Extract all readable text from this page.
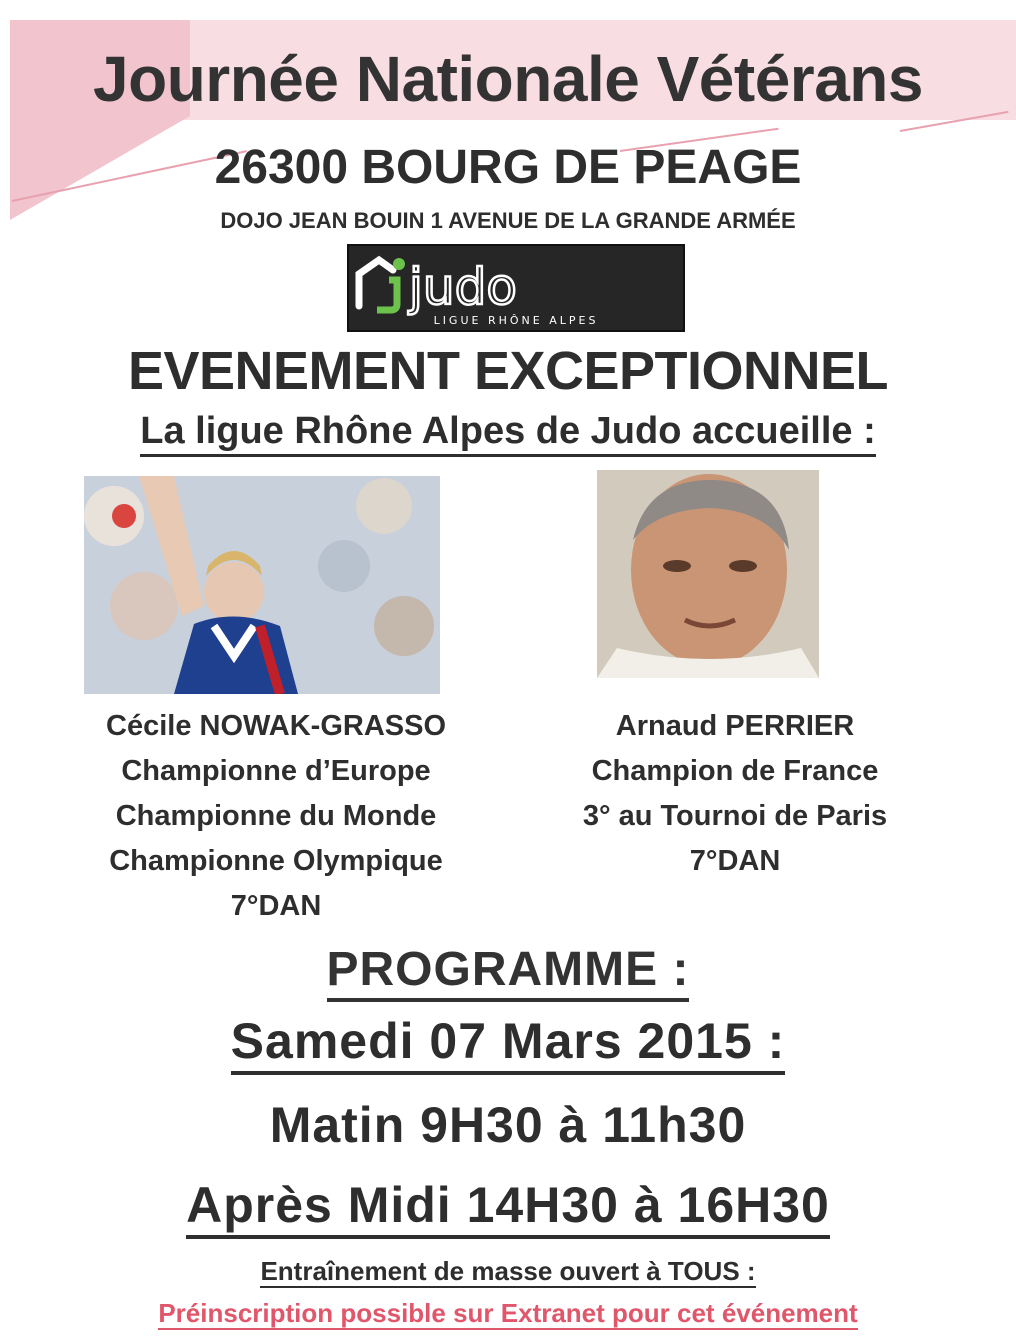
Journée Nationale Vétérans
26300 BOURG DE PEAGE
DOJO JEAN BOUIN 1 AVENUE DE LA GRANDE ARMÉE
judo
LIGUE RHÔNE ALPES
EVENEMENT EXCEPTIONNEL
La ligue Rhône Alpes de Judo accueille :
Cécile NOWAK-GRASSO
Championne d’Europe
Championne du Monde
Championne Olympique
7°DAN
Arnaud PERRIER
Champion de France
3° au Tournoi de Paris
7°DAN
PROGRAMME :
Samedi 07 Mars 2015 :
Matin 9H30 à 11h30
Après Midi 14H30 à 16H30
Entraînement de masse ouvert à TOUS :
Préinscription possible sur Extranet pour cet événement
